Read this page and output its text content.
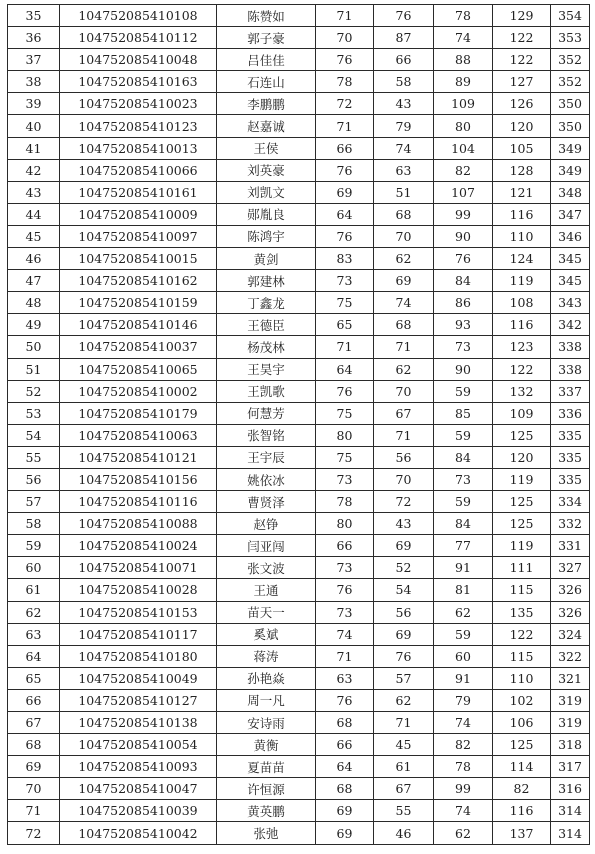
35	104752085410108	陈赞如	71	76	78	129	354
36	104752085410112	郭子豪	70	87	74	122	353
37	104752085410048	吕佳佳	76	66	88	122	352
38	104752085410163	石连山	78	58	89	127	352
39	104752085410023	李鹏鹏	72	43	109	126	350
40	104752085410123	赵嘉诚	71	79	80	120	350
41	104752085410013	王侯	66	74	104	105	349
42	104752085410066	刘英豪	76	63	82	128	349
43	104752085410161	刘凯文	69	51	107	121	348
44	104752085410009	郧胤良	64	68	99	116	347
45	104752085410097	陈鸿宇	76	70	90	110	346
46	104752085410015	黄剑	83	62	76	124	345
47	104752085410162	郭建林	73	69	84	119	345
48	104752085410159	丁鑫龙	75	74	86	108	343
49	104752085410146	王德臣	65	68	93	116	342
50	104752085410037	杨茂林	71	71	73	123	338
51	104752085410065	王昊宇	64	62	90	122	338
52	104752085410002	王凯歌	76	70	59	132	337
53	104752085410179	何慧芳	75	67	85	109	336
54	104752085410063	张智铭	80	71	59	125	335
55	104752085410121	王宇辰	75	56	84	120	335
56	104752085410156	姚依冰	73	70	73	119	335
57	104752085410116	曹贤泽	78	72	59	125	334
58	104752085410088	赵铮	80	43	84	125	332
59	104752085410024	闫亚闯	66	69	77	119	331
60	104752085410071	张文波	73	52	91	111	327
61	104752085410028	王通	76	54	81	115	326
62	104752085410153	苗天一	73	56	62	135	326
63	104752085410117	奚斌	74	69	59	122	324
64	104752085410180	蒋涛	71	76	60	115	322
65	104752085410049	孙艳焱	63	57	91	110	321
66	104752085410127	周一凡	76	62	79	102	319
67	104752085410138	安诗雨	68	71	74	106	319
68	104752085410054	黄衡	66	45	82	125	318
69	104752085410093	夏苗苗	64	61	78	114	317
70	104752085410047	许恒源	68	67	99	82	316
71	104752085410039	黄英鹏	69	55	74	116	314
72	104752085410042	张弛	69	46	62	137	314
